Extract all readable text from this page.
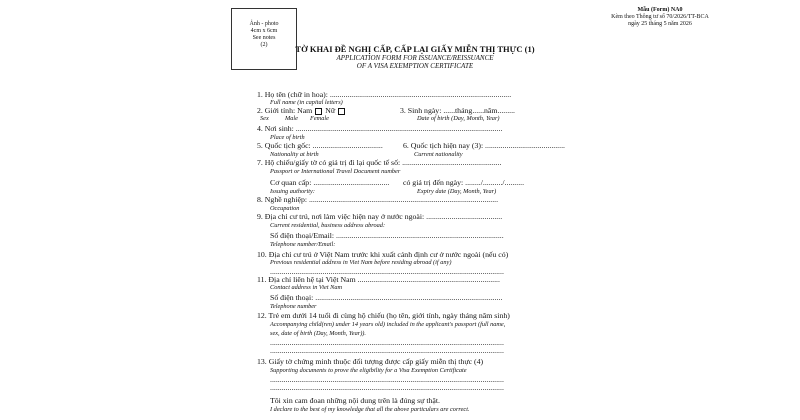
Ảnh - photo
4cm x 6cm
See notes
(2)
Mẫu (Form) NA0
Kèm theo Thông tư số 70/2026/TT-BCA
ngày 25 tháng 5 năm 2026
TỜ KHAI ĐỀ NGHỊ CẤP, CẤP LẠI GIẤY MIỄN THỊ THỰC (1)
APPLICATION FORM FOR ISSUANCE/REISSUANCE
OF A VISA EXEMPTION CERTIFICATE
1. Họ tên (chữ in hoa): .............................................................................................
Full name (in capital letters)
2. Giới tính: Nam Nữ	3. Sinh ngày: ......tháng......năm.........
Sex	Male Female	Date of birth (Day, Month, Year)
4. Nơi sinh: ..........................................................................................................
Place of birth
5. Quốc tịch gốc: ....................................	6. Quốc tịch hiện nay (3): .........................................
Nationality at birth	Current nationality
7. Hộ chiếu/giấy tờ có giá trị đi lại quốc tế số: ...................................................
Passport or International Travel Document number
Cơ quan cấp: ....................................... có giá trị đến ngày: ......../........../..........
Issuing authority:	Expiry date (Day, Month, Year)
8. Nghề nghiệp: .................................................................................................
Occupation
9. Địa chỉ cư trú, nơi làm việc hiện nay ở nước ngoài: .......................................
Current residential, business address abroad:
Số điện thoại/Email: ......................................................................................
Telephone number/Email:
10. Địa chỉ cư trú ở Việt Nam trước khi xuất cảnh định cư ở nước ngoài (nếu có)
Previous residential address in Viet Nam before residing abroad (if any)
........................................................................................................................
11. Địa chỉ liên hệ tại Việt Nam .........................................................................
Contact address in Viet Nam
Số điện thoại: ................................................................................................
Telephone number
12. Trẻ em dưới 14 tuổi đi cùng hộ chiếu (họ tên, giới tính, ngày tháng năm sinh)
Accompanying child(ren) under 14 years old) included in the applicant's passport (full name,
sex, date of birth (Day, Month, Year)).
........................................................................................................................
........................................................................................................................
13. Giấy tờ chứng minh thuộc đối tượng được cấp giấy miễn thị thực (4)
Supporting documents to prove the eligibility for a Visa Exemption Certificate
........................................................................................................................
........................................................................................................................
Tôi xin cam đoan những nội dung trên là đúng sự thật.
I declare to the best of my knowledge that all the above particulars are correct.
